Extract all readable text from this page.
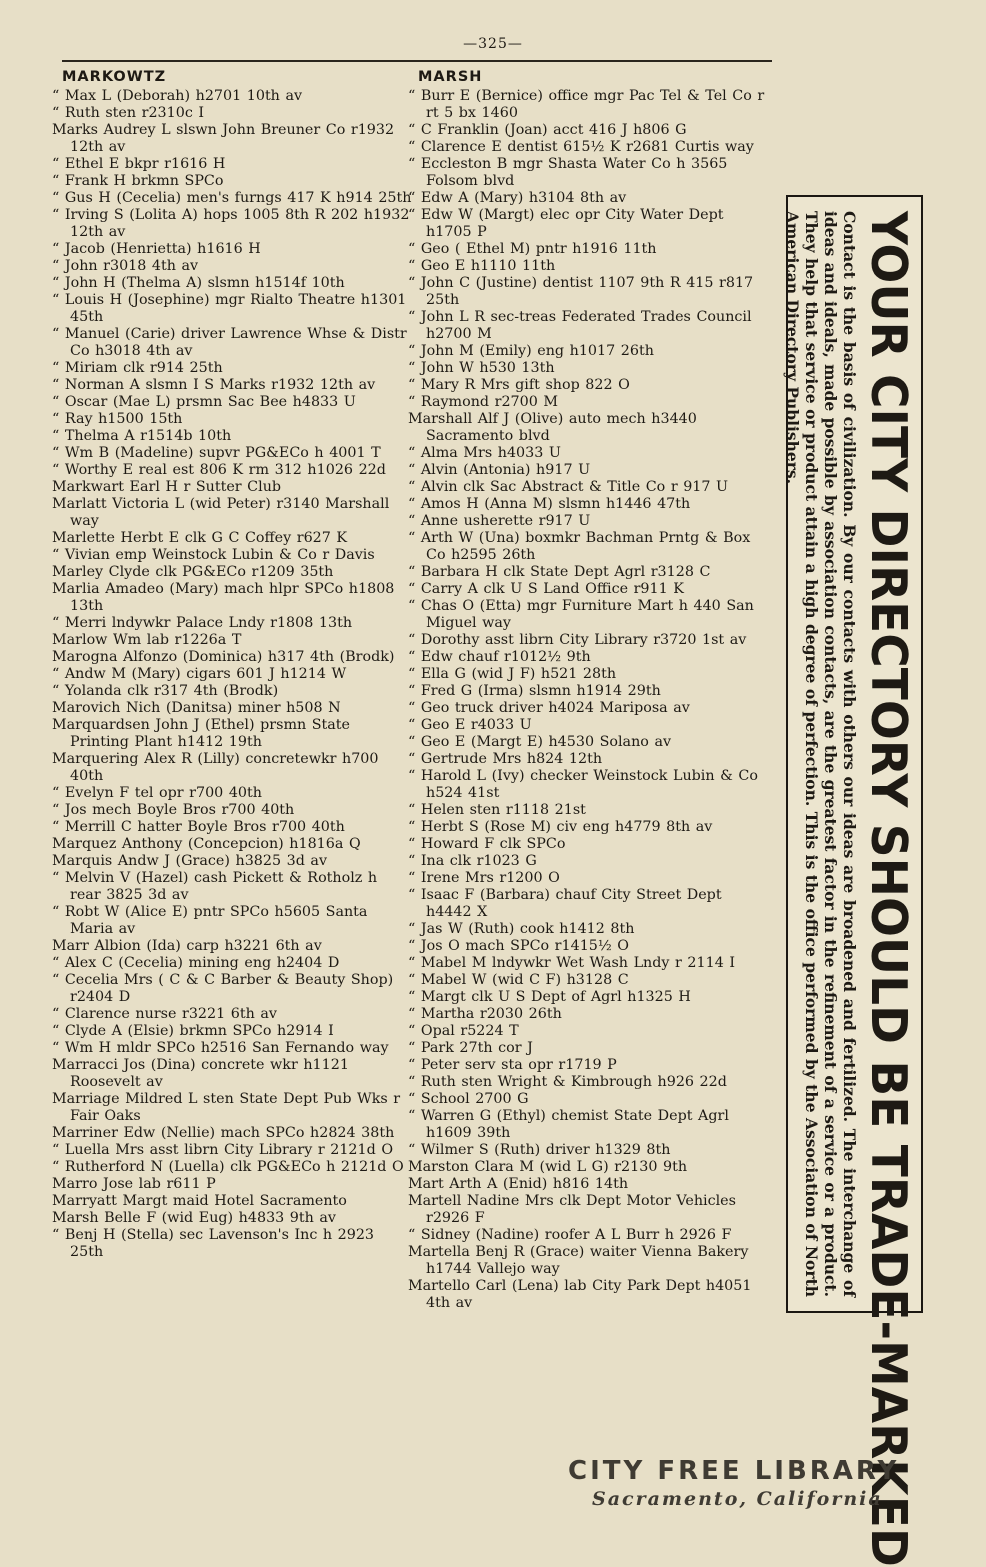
—325—
MARKOWTZ
“ Max L (Deborah) h2701 10th av
“ Ruth sten r2310c I
Marks Audrey L slswn John Breuner Co r1932 12th av
“ Ethel E bkpr r1616 H
“ Frank H brkmn SPCo
“ Gus H (Cecelia) men's furngs 417 K h914 25th
“ Irving S (Lolita A) hops 1005 8th R 202 h1932 12th av
“ Jacob (Henrietta) h1616 H
“ John r3018 4th av
“ John H (Thelma A) slsmn h1514f 10th
“ Louis H (Josephine) mgr Rialto Theatre h1301 45th
“ Manuel (Carie) driver Lawrence Whse & Distr Co h3018 4th av
“ Miriam clk r914 25th
“ Norman A slsmn I S Marks r1932 12th av
“ Oscar (Mae L) prsmn Sac Bee h4833 U
“ Ray h1500 15th
“ Thelma A r1514b 10th
“ Wm B (Madeline) supvr PG&ECo h 4001 T
“ Worthy E real est 806 K rm 312 h1026 22d
Markwart Earl H r Sutter Club
Marlatt Victoria L (wid Peter) r3140 Marshall way
Marlette Herbt E clk G C Coffey r627 K
“ Vivian emp Weinstock Lubin & Co r Davis
Marley Clyde clk PG&ECo r1209 35th
Marlia Amadeo (Mary) mach hlpr SPCo h1808 13th
“ Merri lndywkr Palace Lndy r1808 13th
Marlow Wm lab r1226a T
Marogna Alfonzo (Dominica) h317 4th (Brodk)
“ Andw M (Mary) cigars 601 J h1214 W
“ Yolanda clk r317 4th (Brodk)
Marovich Nich (Danitsa) miner h508 N
Marquardsen John J (Ethel) prsmn State Printing Plant h1412 19th
Marquering Alex R (Lilly) concretewkr h700 40th
“ Evelyn F tel opr r700 40th
“ Jos mech Boyle Bros r700 40th
“ Merrill C hatter Boyle Bros r700 40th
Marquez Anthony (Concepcion) h1816a Q
Marquis Andw J (Grace) h3825 3d av
“ Melvin V (Hazel) cash Pickett & Rotholz h rear 3825 3d av
“ Robt W (Alice E) pntr SPCo h5605 Santa Maria av
Marr Albion (Ida) carp h3221 6th av
“ Alex C (Cecelia) mining eng h2404 D
“ Cecelia Mrs ( C & C Barber & Beauty Shop) r2404 D
“ Clarence nurse r3221 6th av
“ Clyde A (Elsie) brkmn SPCo h2914 I
“ Wm H mldr SPCo h2516 San Fernando way
Marracci Jos (Dina) concrete wkr h1121 Roosevelt av
Marriage Mildred L sten State Dept Pub Wks r Fair Oaks
Marriner Edw (Nellie) mach SPCo h2824 38th
“ Luella Mrs asst librn City Library r 2121d O
“ Rutherford N (Luella) clk PG&ECo h 2121d O
Marro Jose lab r611 P
Marryatt Margt maid Hotel Sacramento
Marsh Belle F (wid Eug) h4833 9th av
“ Benj H (Stella) sec Lavenson's Inc h 2923 25th
MARSH
“ Burr E (Bernice) office mgr Pac Tel & Tel Co r rt 5 bx 1460
“ C Franklin (Joan) acct 416 J h806 G
“ Clarence E dentist 615½ K r2681 Curtis way
“ Eccleston B mgr Shasta Water Co h 3565 Folsom blvd
“ Edw A (Mary) h3104 8th av
“ Edw W (Margt) elec opr City Water Dept h1705 P
“ Geo ( Ethel M) pntr h1916 11th
“ Geo E h1110 11th
“ John C (Justine) dentist 1107 9th R 415 r817 25th
“ John L R sec-treas Federated Trades Council h2700 M
“ John M (Emily) eng h1017 26th
“ John W h530 13th
“ Mary R Mrs gift shop 822 O
“ Raymond r2700 M
Marshall Alf J (Olive) auto mech h3440 Sacramento blvd
“ Alma Mrs h4033 U
“ Alvin (Antonia) h917 U
“ Alvin clk Sac Abstract & Title Co r 917 U
“ Amos H (Anna M) slsmn h1446 47th
“ Anne usherette r917 U
“ Arth W (Una) boxmkr Bachman Prntg & Box Co h2595 26th
“ Barbara H clk State Dept Agrl r3128 C
“ Carry A clk U S Land Office r911 K
“ Chas O (Etta) mgr Furniture Mart h 440 San Miguel way
“ Dorothy asst librn City Library r3720 1st av
“ Edw chauf r1012½ 9th
“ Ella G (wid J F) h521 28th
“ Fred G (Irma) slsmn h1914 29th
“ Geo truck driver h4024 Mariposa av
“ Geo E r4033 U
“ Geo E (Margt E) h4530 Solano av
“ Gertrude Mrs h824 12th
“ Harold L (Ivy) checker Weinstock Lubin & Co h524 41st
“ Helen sten r1118 21st
“ Herbt S (Rose M) civ eng h4779 8th av
“ Howard F clk SPCo
“ Ina clk r1023 G
“ Irene Mrs r1200 O
“ Isaac F (Barbara) chauf City Street Dept h4442 X
“ Jas W (Ruth) cook h1412 8th
“ Jos O mach SPCo r1415½ O
“ Mabel M lndywkr Wet Wash Lndy r 2114 I
“ Mabel W (wid C F) h3128 C
“ Margt clk U S Dept of Agrl h1325 H
“ Martha r2030 26th
“ Opal r5224 T
“ Park 27th cor J
“ Peter serv sta opr r1719 P
“ Ruth sten Wright & Kimbrough h926 22d
“ School 2700 G
“ Warren G (Ethyl) chemist State Dept Agrl h1609 39th
“ Wilmer S (Ruth) driver h1329 8th
Marston Clara M (wid L G) r2130 9th
Mart Arth A (Enid) h816 14th
Martell Nadine Mrs clk Dept Motor Vehicles r2926 F
“ Sidney (Nadine) roofer A L Burr h 2926 F
Martella Benj R (Grace) waiter Vienna Bakery h1744 Vallejo way
Martello Carl (Lena) lab City Park Dept h4051 4th av	YOUR CITY DIRECTORY SHOULD BE TRADE-MARKED
Contact is the basis of civilization. By our contacts with others our ideas are broadened and fertilized. The interchange of ideas and ideals, made possible by association contacts, are the greatest factor in the refinement of a service or a product. They help that service or product attain a high degree of perfection. This is the office performed by the Association of North American Directory Publishers.
CITY FREE LIBRARY
Sacramento, California
